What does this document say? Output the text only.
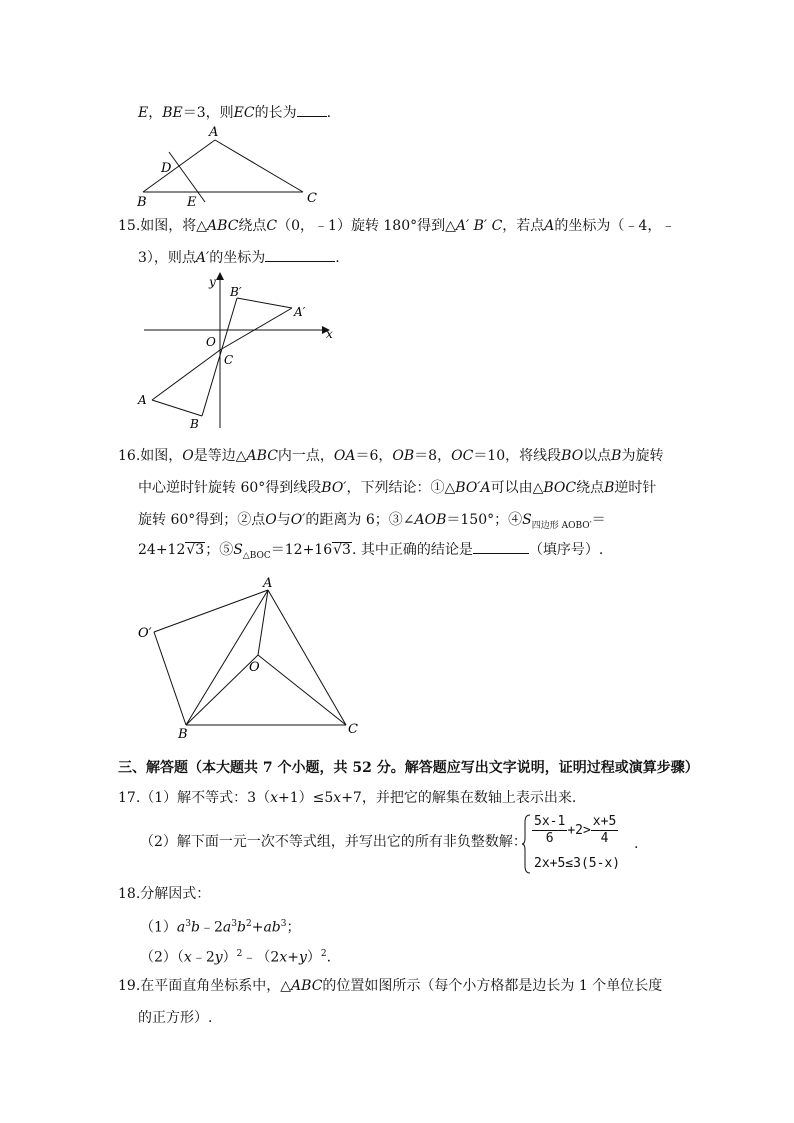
E，BE＝3，则EC的长为 .
A
B	C
D
E
15.如图，将△ABC绕点C（0，﹣1）旋转 180°得到△A′ B′ C，若点A的坐标为（﹣4，﹣
3），则点A′的坐标为	.
y
x
O
C
A
B
A′
B′
16.如图，O是等边△ABC内一点，OA＝6，OB＝8，OC＝10，将线段BO以点B为旋转
中心逆时针旋转 60°得到线段BO′，下列结论：①△BO′A可以由△BOC绕点B逆时针
旋转 60°得到；②点O与O′的距离为 6；③∠AOB＝150°；$④S_{四边形 AOBO'}=$
24+12√3；$⑤S_{\triangle BOC}=12+16√3$. 其中正确的结论是	（填序号）.
A
O′
O
B	C
三、解答题（本大题共 7 个小题，共 52 分。解答题应写出文字说明，证明过程或演算步骤）
17.（1）解不等式：3（x+1）≤5x+7，并把它的解集在数轴上表示出来.
（2）解下面一元一次不等式组，并写出它的所有非负整数解： $\frac{5x-1}{6} +2> \frac{x+5}{4}$
2x+5≤3(5-x)
.
18.分解因式：
$(1)a^3b﹣2a^3b^2+ab^3$；
$(2)(x﹣2y)^2﹣(2x+y)^2$.
19.在平面直角坐标系中，△ABC的位置如图所示（每个小方格都是边长为 1 个单位长度
的正方形）.
